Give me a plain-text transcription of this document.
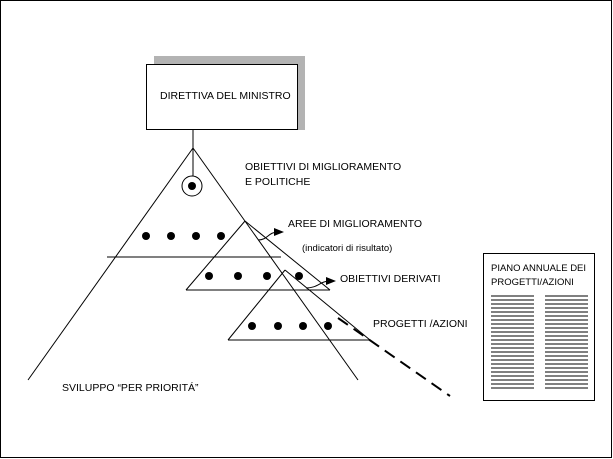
DIRETTIVA DEL MINISTRO
PIANO ANNUALE DEI
PROGETTI/AZIONI
OBIETTIVI DI MIGLIORAMENTO
E POLITICHE
AREE DI MIGLIORAMENTO
(indicatori di risultato)
OBIETTIVI DERIVATI
PROGETTI /AZIONI
SVILUPPO “PER PRIORITÁ”
